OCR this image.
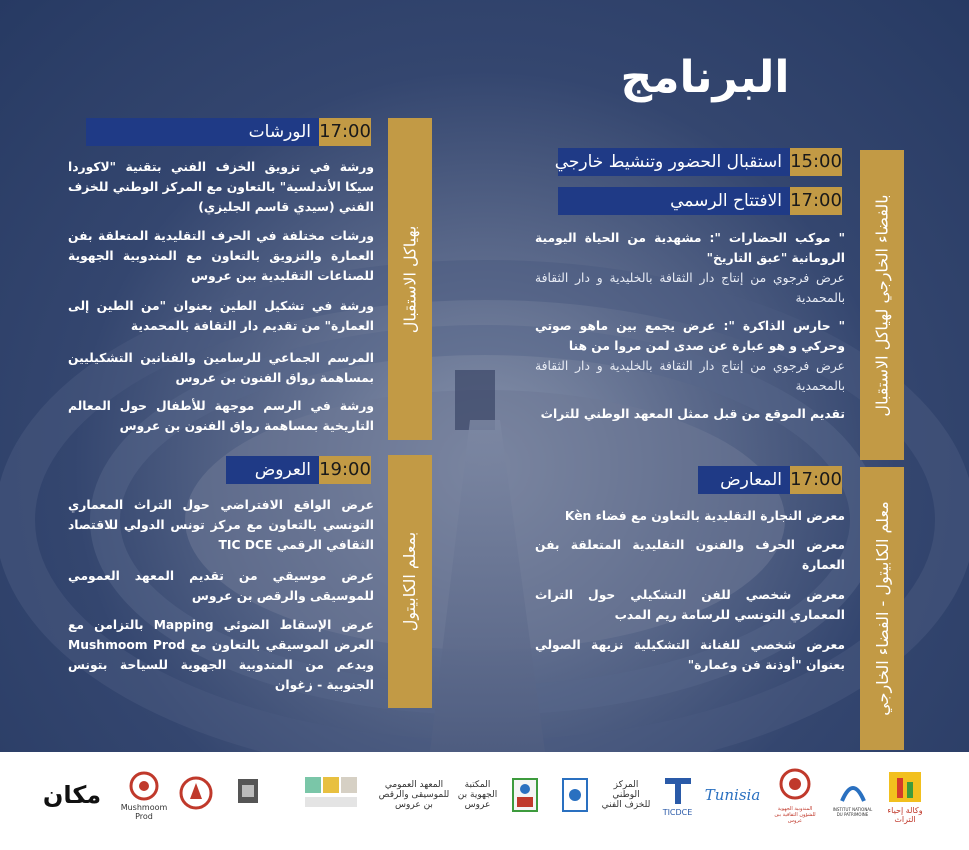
البرنامج
بالفضاء الخارجي لهياكل الاستقبال
معلم الكابيتول - الفضاء الخارجي
15:00
استقبال الحضور وتنشيط خارجي
17:00
الافتتاح الرسمي
" موكب الحضارات ": مشهدية من الحياة اليومية الرومانية "عبق التاريخ"
عرض فرجوي من إنتاج دار الثقافة بالخليدية و دار الثقافة بالمحمدية
" حارس الذاكرة ": عرض يجمع بين ماهو صوتي وحركي و هو عبارة عن صدى لمن مروا من هنا
عرض فرجوي من إنتاج دار الثقافة بالخليدية و دار الثقافة بالمحمدية
تقديم الموقع من قبل ممثل المعهد الوطني للتراث
17:00
المعارض
معرض النجارة التقليدية بالتعاون مع فضاء Kèn
معرض الحرف والفنون التقليدية المتعلقة بفن العمارة
معرض شخصي للفن التشكيلي حول التراث المعماري التونسي للرسامة ريم المدب
معرض شخصي للفنانة التشكيلية نزيهة الصولي بعنوان "أوذنة فن وعمارة"
بهياكل الاستقبال
بمعلم الكابيتول
17:00
الورشات
ورشة في تزويق الخزف الفني بتقنية "لاكوردا سيكا الأندلسية" بالتعاون مع المركز الوطني للخزف الفني (سيدي قاسم الجليزي)
ورشات مختلفة في الحرف التقليدية المتعلقة بفن العمارة والتزويق بالتعاون مع المندوبية الجهوية للصناعات التقليدية ببن عروس
ورشة في تشكيل الطين بعنوان "من الطين إلى العمارة" من تقديم دار الثقافة بالمحمدية
المرسم الجماعي للرسامين والفنانين التشكيليين بمساهمة رواق الفنون بن عروس
ورشة في الرسم موجهة للأطفال حول المعالم التاريخية بمساهمة رواق الفنون بن عروس
19:00
العروض
عرض الواقع الافتراضي حول التراث المعماري التونسي بالتعاون مع مركز تونس الدولي للاقتصاد الثقافي الرقمي TIC DCE
عرض موسيقي من تقديم المعهد العمومي للموسيقى والرقص بن عروس
عرض الإسقاط الضوئي Mapping بالتزامن مع العرض الموسيقي بالتعاون مع Mushmoom Prod وبدعم من المندوبية الجهوية للسياحة بتونس الجنوبية - زغوان
وكالة إحياء التراث
INSTITUT NATIONAL DU PATRIMOINE
المندوبية الجهوية للشؤون الثقافية ببن عروس
Tunisia
TICDCE
المركز الوطني للخزف الفني
المكتبة الجهوية بن عروس
المعهد العمومي للموسيقى والرقص بن عروس
Mushmoom Prod
مكان
